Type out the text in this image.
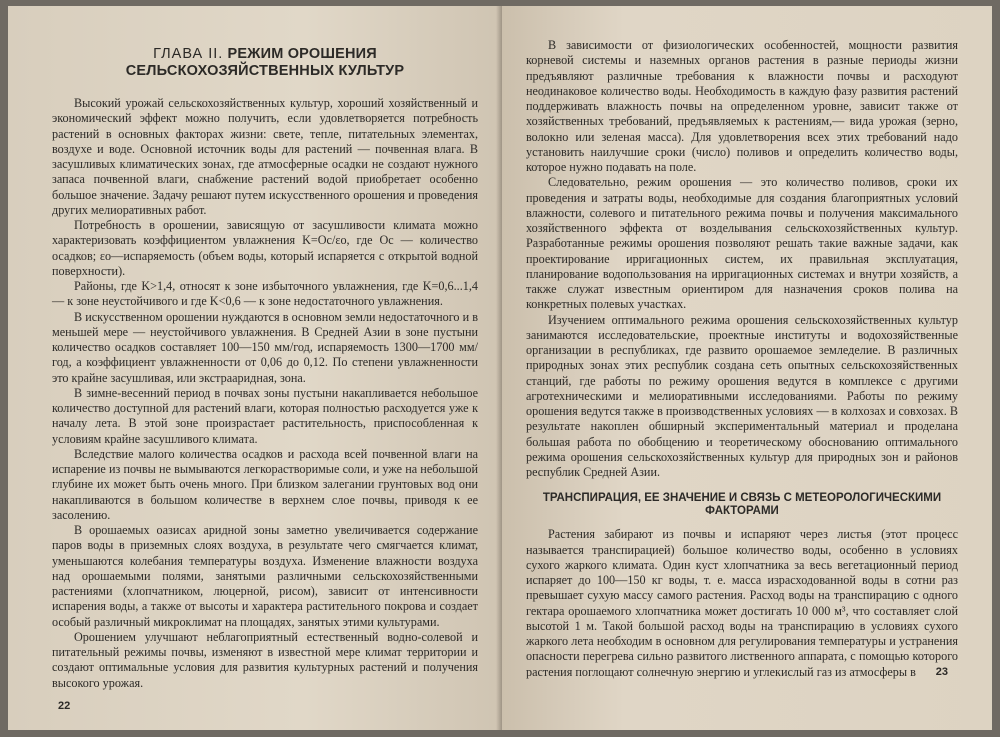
ГЛАВА II. РЕЖИМ ОРОШЕНИЯ СЕЛЬСКОХОЗЯЙСТВЕННЫХ КУЛЬТУР

Высокий урожай сельскохозяйственных культур, хороший хозяйственный и экономический эффект можно получить, если удовлетворяется потребность растений в основных факторах жизни: свете, тепле, питательных элементах, воздухе и воде. Основной источник воды для растений — почвенная влага. В засушливых климатических зонах, где атмосферные осадки не создают нужного запаса почвенной влаги, снабжение растений водой приобретает особенно большое значение. Задачу решают путем искусственного орошения и проведения других мелиоративных работ.

Потребность в орошении, зависящую от засушливости климата можно характеризовать коэффициентом увлажнения K=Oc/εo, где Oc — количество осадков; εo—испаряемость (объем воды, который испаряется с открытой водной поверхности).

Районы, где K>1,4, относят к зоне избыточного увлажнения, где K=0,6...1,4— к зоне неустойчивого и где K<0,6 — к зоне недостаточного увлажнения.

В искусственном орошении нуждаются в основном земли недостаточного и в меньшей мере — неустойчивого увлажнения. В Средней Азии в зоне пустыни количество осадков составляет 100—150 мм/год, испаряемость 1300—1700 мм/год, а коэффициент увлажненности от 0,06 до 0,12. По степени увлажненности это крайне засушливая, или экстрааридная, зона.

В зимне-весенний период в почвах зоны пустыни накапливается небольшое количество доступной для растений влаги, которая полностью расходуется уже к началу лета. В этой зоне произрастает растительность, приспособленная к условиям крайне засушливого климата.

Вследствие малого количества осадков и расхода всей почвенной влаги на испарение из почвы не вымываются легкорастворимые соли, и уже на небольшой глубине их может быть очень много. При близком залегании грунтовых вод они накапливаются в большом количестве в верхнем слое почвы, приводя к ее засолению.

В орошаемых оазисах аридной зоны заметно увеличивается содержание паров воды в приземных слоях воздуха, в результате чего смягчается климат, уменьшаются колебания температуры воздуха. Изменение влажности воздуха над орошаемыми полями, занятыми различными сельскохозяйственными растениями (хлопчатником, люцерной, рисом), зависит от интенсивности испарения воды, а также от высоты и характера растительного покрова и создает особый различный микроклимат на площадях, занятых этими культурами.

Орошением улучшают неблагоприятный естественный водно-солевой и питательный режимы почвы, изменяют в известной мере климат территории и создают оптимальные условия для развития культурных растений и получения высокого урожая.

22

В зависимости от физиологических особенностей, мощности развития корневой системы и наземных органов растения в разные периоды жизни предъявляют различные требования к влажности почвы и расходуют неодинаковое количество воды. Необходимость в каждую фазу развития растений поддерживать влажность почвы на определенном уровне, зависит также от хозяйственных требований, предъявляемых к растениям,— вида урожая (зерно, волокно или зеленая масса). Для удовлетворения всех этих требований надо установить наилучшие сроки (число) поливов и определить количество воды, которое нужно подавать на поле.

Следовательно, режим орошения — это количество поливов, сроки их проведения и затраты воды, необходимые для создания благоприятных условий влажности, солевого и питательного режима почвы и получения максимального хозяйственного эффекта от возделывания сельскохозяйственных культур. Разработанные режимы орошения позволяют решать такие важные задачи, как проектирование ирригационных систем, их правильная эксплуатация, планирование водопользования на ирригационных системах и внутри хозяйств, а также служат известным ориентиром для назначения сроков полива на конкретных полевых участках.

Изучением оптимального режима орошения сельскохозяйственных культур занимаются исследовательские, проектные институты и водохозяйственные организации в республиках, где развито орошаемое земледелие. В различных природных зонах этих республик создана сеть опытных сельскохозяйственных станций, где работы по режиму орошения ведутся в комплексе с другими агротехническими и мелиоративными исследованиями. Работы по режиму орошения ведутся также в производственных условиях — в колхозах и совхозах. В результате накоплен обширный экспериментальный материал и проделана большая работа по обобщению и теоретическому обоснованию оптимального режима орошения сельскохозяйственных культур для природных зон и районов республик Средней Азии.

ТРАНСПИРАЦИЯ, ЕЕ ЗНАЧЕНИЕ И СВЯЗЬ С МЕТЕОРОЛОГИЧЕСКИМИ ФАКТОРАМИ

Растения забирают из почвы и испаряют через листья (этот процесс называется транспирацией) большое количество воды, особенно в условиях сухого жаркого климата. Один куст хлопчатника за весь вегетационный период испаряет до 100—150 кг воды, т. е. масса израсходованной воды в сотни раз превышает сухую массу самого растения. Расход воды на транспирацию с одного гектара орошаемого хлопчатника может достигать 10 000 м³, что составляет слой высотой 1 м. Такой большой расход воды на транспирацию в условиях сухого жаркого лета необходим в основном для регулирования температуры и устранения опасности перегрева сильно развитого лиственного аппарата, с помощью которого растения поглощают солнечную энергию и углекислый газ из атмосферы в	23
